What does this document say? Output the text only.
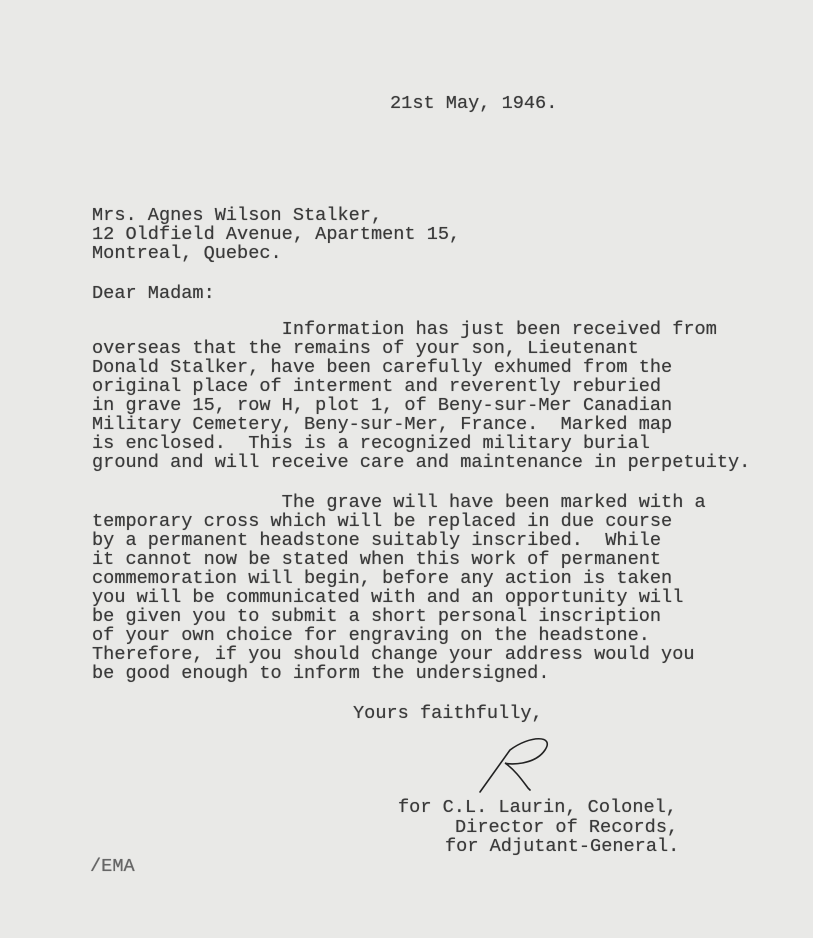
21st May, 1946.
Mrs. Agnes Wilson Stalker,
12 Oldfield Avenue, Apartment 15,
Montreal, Quebec.
Dear Madam:
Information has just been received from
overseas that the remains of your son, Lieutenant
Donald Stalker, have been carefully exhumed from the
original place of interment and reverently reburied
in grave 15, row H, plot 1, of Beny-sur-Mer Canadian
Military Cemetery, Beny-sur-Mer, France.  Marked map
is enclosed.  This is a recognized military burial
ground and will receive care and maintenance in perpetuity.
The grave will have been marked with a
temporary cross which will be replaced in due course
by a permanent headstone suitably inscribed.  While
it cannot now be stated when this work of permanent
commemoration will begin, before any action is taken
you will be communicated with and an opportunity will
be given you to submit a short personal inscription
of your own choice for engraving on the headstone.
Therefore, if you should change your address would you
be good enough to inform the undersigned.
Yours faithfully,
for C.L. Laurin, Colonel,
Director of Records,
for Adjutant-General.
/EMA
